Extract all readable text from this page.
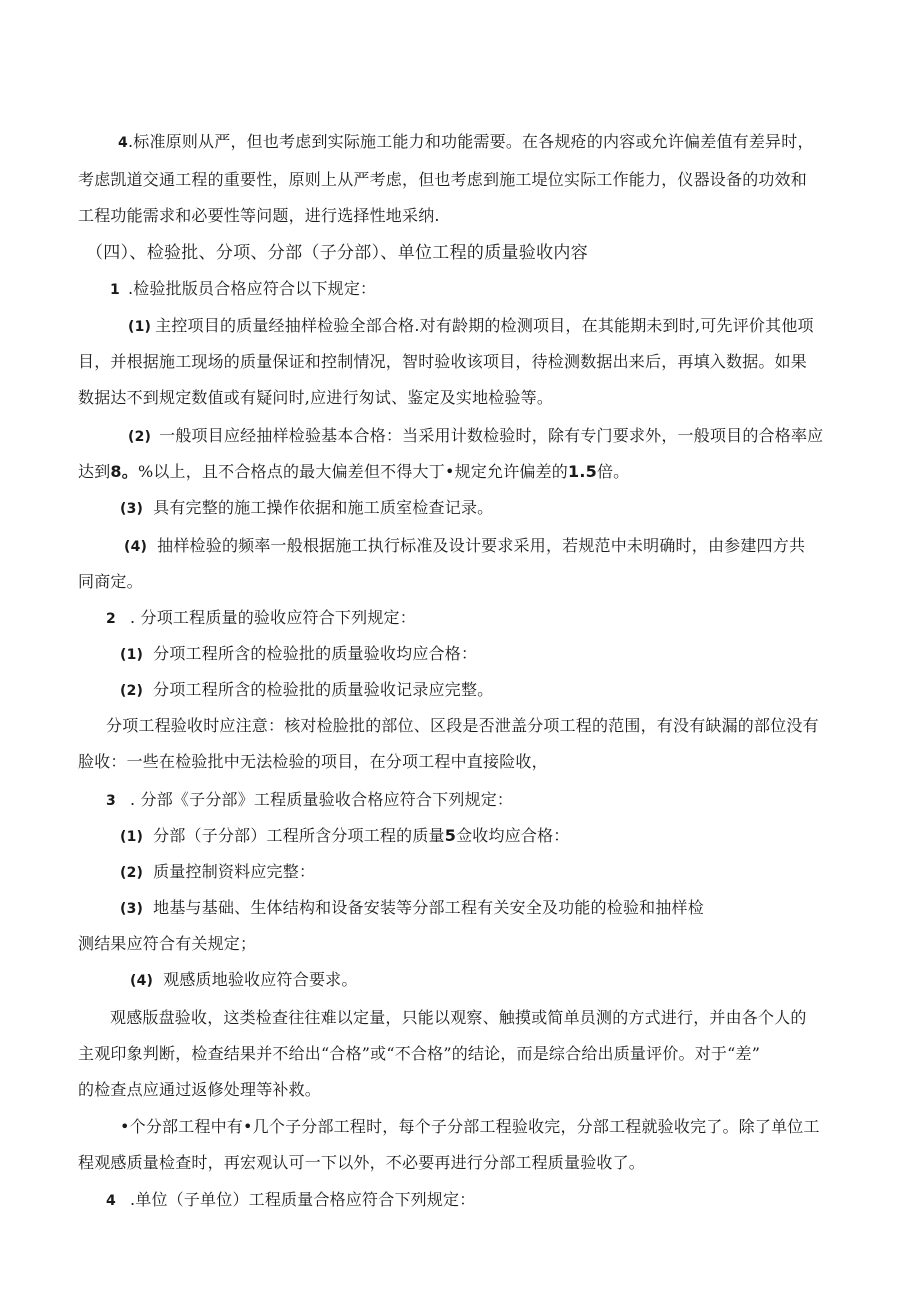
4.标准原则从严，但也考虑到实际施工能力和功能需要。在各规疮的内容或允许偏差值有差异时，
考虑凯道交通工程的重要性，原则上从严考虑，但也考虑到施工堤位实际工作能力，仪器设备的功效和
工程功能需求和必要性等问题，进行选择性地采纳.
（四）、检验批、分项、分部（子分部）、单位工程的质量验收内容
1 .检验批版员合格应符合以下规定：
(1) 主控项目的质量经抽样检验全部合格.对有龄期的检测项目，在其能期未到时,可先评价其他项
目，并根据施工现场的质量保证和控制情况，智时验收该项目，待检测数据出来后，再填入数据。如果
数据达不到规定数值或有疑问时,应进行匆试、鉴定及实地检验等。
(2) 一般项目应经抽样检验基本合格：当采用计数检验时，除有专门要求外，一般项目的合格率应
达到8。%以上，且不合格点的最大偏差但不得大丁•规定允许偏差的1.5倍。
(3) 具有完整的施工操作依据和施工质室检查记录。
(4) 抽样检验的频率一般根据施工执行标准及设计要求采用，若规范中未明确时，由参建四方共
同商定。
2 . 分项工程质量的验收应符合下列规定：
(1) 分项工程所含的检验批的质量验收均应合格：
(2) 分项工程所含的检验批的质量验收记录应完整。
分项工程验收时应注意：核对检脸批的部位、区段是否泄盖分项工程的范围，有没有缺漏的部位没有
脸收：一些在检验批中无法检验的项目，在分项工程中直接险收，
3 . 分部《子分部》工程质量验收合格应符合下列规定：
(1) 分部（子分部）工程所含分项工程的质量5佥收均应合格：
(2) 质量控制资料应完整：
(3) 地基与基础、生体结构和设备安装等分部工程有关安全及功能的检验和抽样检
测结果应符合有关规定；
(4) 观感质地验收应符合要求。
观感版盘验收，这类检查往往难以定量，只能以观察、触摸或简单员测的方式进行，并由各个人的
主观印象判断，检查结果并不给出“合格”或“不合格”的结论，而是综合给出质量评价。对于“差”
的检查点应通过返修处理等补救。
•个分部工程中有•几个子分部工程时，每个子分部工程验收完，分部工程就验收完了。除了单位工
程观感质量检查时，再宏观认可一下以外，不必要再进行分部工程质量验收了。
4 .单位（子单位）工程质量合格应符合下列规定：
